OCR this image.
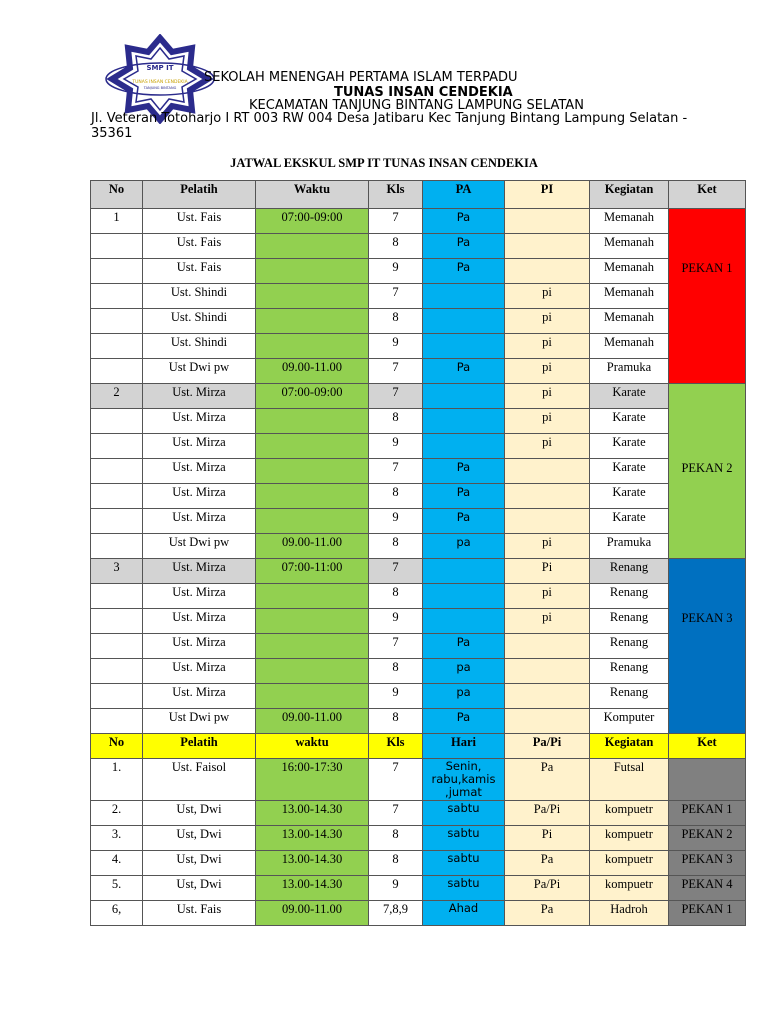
SMP IT
TUNAS INSAN CENDEKIA
TANJUNG BINTANG
SEKOLAH MENENGAH PERTAMA ISLAM TERPADU
TUNAS INSAN CENDEKIA
KECAMATAN TANJUNG BINTANG LAMPUNG SELATAN
Jl. Veteran Totoharjo I RT 003 RW 004 Desa Jatibaru Kec Tanjung Bintang Lampung Selatan - 35361
JATWAL EKSKUL SMP IT TUNAS INSAN CENDEKIA
No	Pelatih	Waktu	Kls	PA	PI	Kegiatan	Ket
1	Ust. Fais	07:00-09:00	7	Pa		Memanah	PEKAN 1

	Ust. Fais		8	Pa		Memanah	
	Ust. Fais		9	Pa		Memanah	
	Ust. Shindi		7		pi	Memanah	
	Ust. Shindi		8		pi	Memanah	
	Ust. Shindi		9		pi	Memanah	
	Ust Dwi pw	09.00-11.00	7	Pa	pi	Pramuka	
2	Ust. Mirza	07:00-09:00	7		pi	Karate	PEKAN 2

	Ust. Mirza		8		pi	Karate	
	Ust. Mirza		9		pi	Karate	
	Ust. Mirza		7	Pa		Karate	
	Ust. Mirza		8	Pa		Karate	
	Ust. Mirza		9	Pa		Karate	
	Ust Dwi pw	09.00-11.00	8	pa	pi	Pramuka	
3	Ust. Mirza	07:00-11:00	7		Pi	Renang	PEKAN 3

	Ust. Mirza		8		pi	Renang	
	Ust. Mirza		9		pi	Renang	
	Ust. Mirza		7	Pa		Renang	
	Ust. Mirza		8	pa		Renang	
	Ust. Mirza		9	pa		Renang	
	Ust Dwi pw	09.00-11.00	8	Pa		Komputer	
No	Pelatih	waktu	Kls	Hari	Pa/Pi	Kegiatan	Ket
1.	Ust. Faisol	16:00-17:30	7	Senin, rabu,kamis ,jumat	Pa	Futsal	
2.	Ust, Dwi	13.00-14.30	7	sabtu	Pa/Pi	kompuetr	PEKAN 1
3.	Ust, Dwi	13.00-14.30	8	sabtu	Pi	kompuetr	PEKAN 2
4.	Ust, Dwi	13.00-14.30	8	sabtu	Pa	kompuetr	PEKAN 3
5.	Ust, Dwi	13.00-14.30	9	sabtu	Pa/Pi	kompuetr	PEKAN 4
6,	Ust. Fais	09.00-11.00	7,8,9	Ahad	Pa	Hadroh	PEKAN 1
